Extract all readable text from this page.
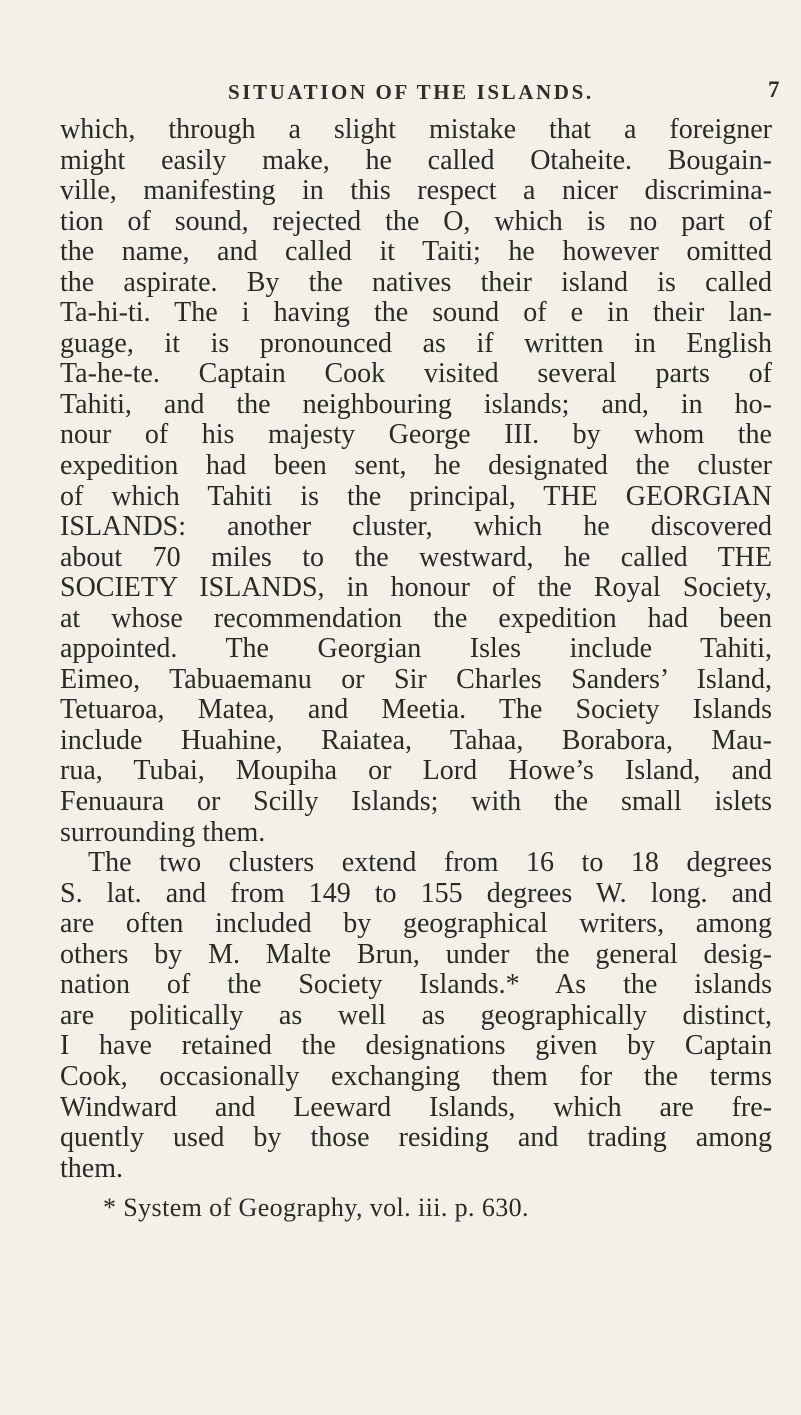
SITUATION OF THE ISLANDS.	7
which, through a slight mistake that a foreigner
might easily make, he called Otaheite. Bougain-
ville, manifesting in this respect a nicer discrimina-
tion of sound, rejected the O, which is no part of
the name, and called it Taiti; he however omitted
the aspirate. By the natives their island is called
Ta-hi-ti. The i having the sound of e in their lan-
guage, it is pronounced as if written in English
Ta-he-te. Captain Cook visited several parts of
Tahiti, and the neighbouring islands; and, in ho-
nour of his majesty George III. by whom the
expedition had been sent, he designated the cluster
of which Tahiti is the principal, THE GEORGIAN
ISLANDS: another cluster, which he discovered
about 70 miles to the westward, he called THE
SOCIETY ISLANDS, in honour of the Royal Society,
at whose recommendation the expedition had been
appointed. The Georgian Isles include Tahiti,
Eimeo, Tabuaemanu or Sir Charles Sanders’ Island,
Tetuaroa, Matea, and Meetia. The Society Islands
include Huahine, Raiatea, Tahaa, Borabora, Mau-
rua, Tubai, Moupiha or Lord Howe’s Island, and
Fenuaura or Scilly Islands; with the small islets
surrounding them.
The two clusters extend from 16 to 18 degrees
S. lat. and from 149 to 155 degrees W. long. and
are often included by geographical writers, among
others by M. Malte Brun, under the general desig-
nation of the Society Islands.* As the islands
are politically as well as geographically distinct,
I have retained the designations given by Captain
Cook, occasionally exchanging them for the terms
Windward and Leeward Islands, which are fre-
quently used by those residing and trading among
them.
* System of Geography, vol. iii. p. 630.
